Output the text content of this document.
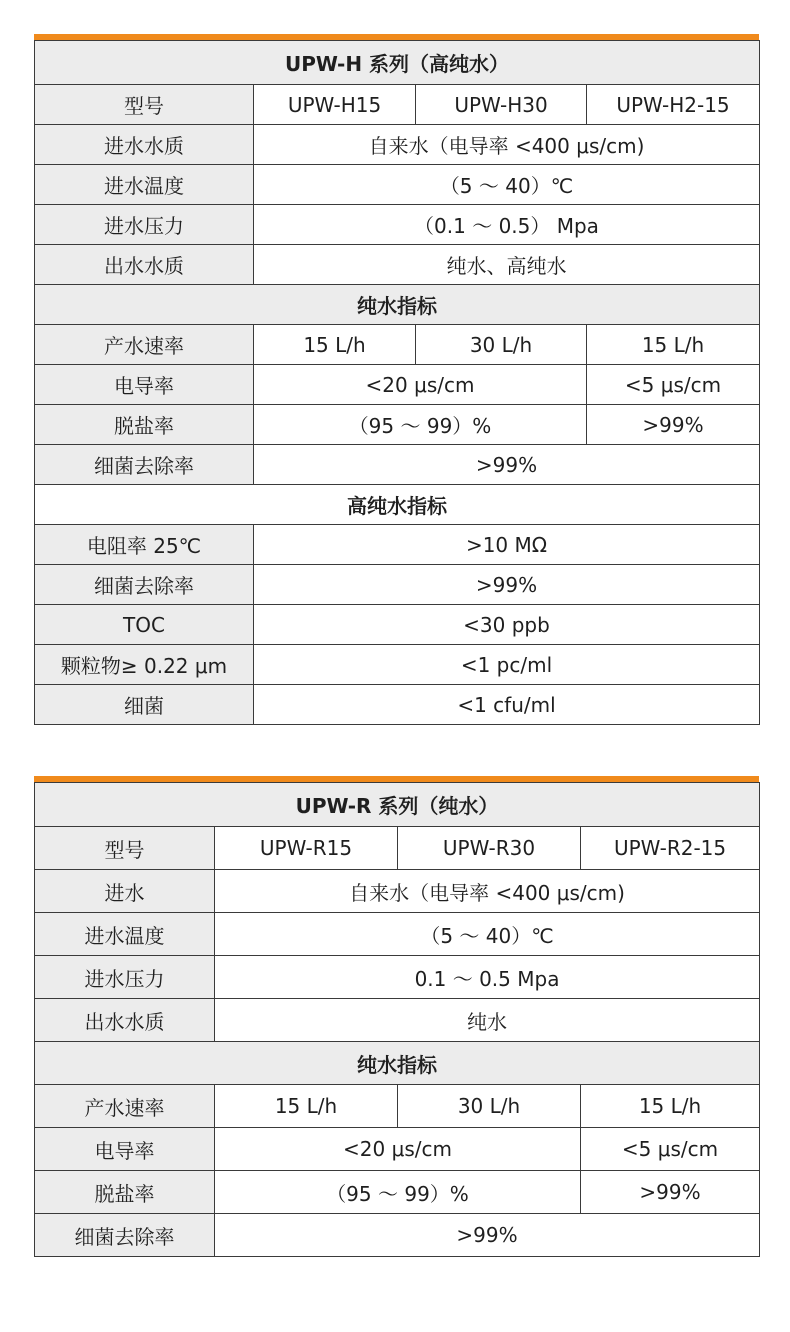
UPW-H 系列（高纯水）			
型号	UPW-H15	UPW-H30	UPW-H2-15
进水水质	自来水（电导率 <400 μs/cm)		
进水温度	（5 ～ 40）℃		
进水压力	（0.1 ～ 0.5） Mpa		
出水水质	纯水、高纯水		
纯水指标			
产水速率	15 L/h	30 L/h	15 L/h
电导率	<20 μs/cm		<5 μs/cm
脱盐率	（95 ～ 99）%		>99%
细菌去除率	>99%		
高纯水指标			
电阻率 25℃	>10 MΩ		
细菌去除率	>99%		
TOC	<30 ppb		
颗粒物≥ 0.22 μm	<1 pc/ml		
细菌	<1 cfu/ml		
UPW-R 系列（纯水）			
型号	UPW-R15	UPW-R30	UPW-R2-15
进水	自来水（电导率 <400 μs/cm)		
进水温度	（5 ～ 40）℃		
进水压力	0.1 ～ 0.5 Mpa		
出水水质	纯水		
纯水指标			
产水速率	15 L/h	30 L/h	15 L/h
电导率	<20 μs/cm		<5 μs/cm
脱盐率	（95 ～ 99）%		>99%
细菌去除率	>99%		
